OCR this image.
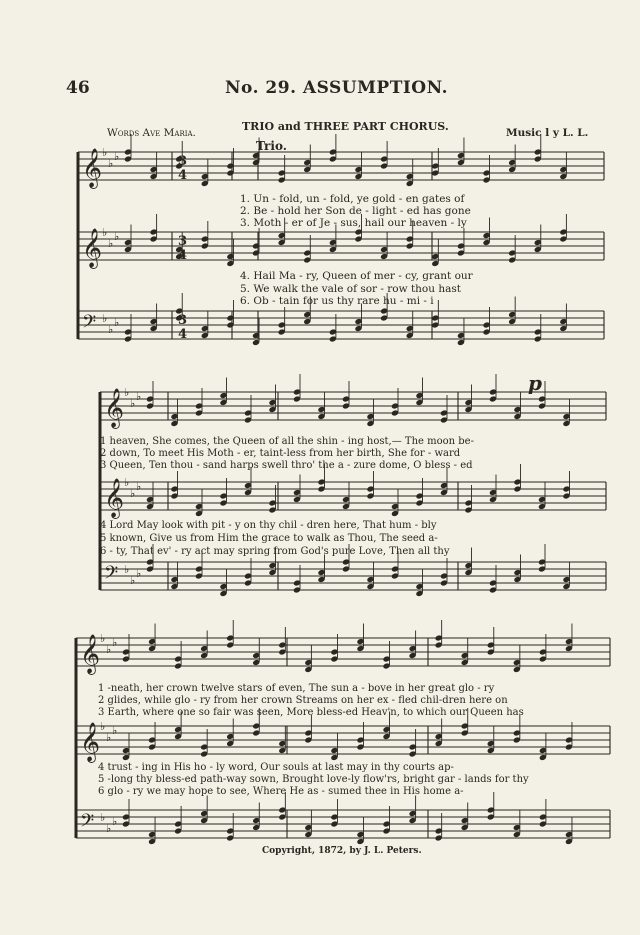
46	No. 29. ASSUMPTION.
TRIO and THREE PART CHORUS.
Words Ave Maria.	Music l y L. L.
Trio.
𝄞 ♭
♭
♭
𝄞 ♭
♭
♭
𝄢 ♭
♭
♭
𝄞 ♭
♭
♭
𝄞 ♭
♭
♭
𝄢 ♭
♭
♭
𝄞 ♭
♭
♭
𝄞 ♭
♭
♭
𝄢 ♭
♭
♭
3
4
3
4
3
4
p
1. Un - fold, un - fold, ye gold - en gates of
2. Be - hold her Son de - light - ed has gone
3. Moth - er of Je - sus, hail our heaven - ly
4. Hail Ma - ry, Queen of mer - cy, grant our
5. We walk the vale of sor - row thou hast
6. Ob - tain for us thy rare hu - mi - i
1 heaven, She comes, the Queen of all the shin - ing host,— The moon be-
2 down, To meet His Moth - er, taint-less from her birth, She for - ward
3 Queen, Ten thou - sand harps swell thro' the a - zure dome, O bless - ed
4 Lord May look with pit - y on thy chil - dren here, That hum - bly
5 known, Give us from Him the grace to walk as Thou, The seed a-
6 - ty, That ev' - ry act may spring from God's pure Love, Then all thy
1 -neath, her crown twelve stars of even, The sun a - bove in her great glo - ry
2 glides, while glo - ry from her crown Streams on her ex - fled chil-dren here on
3 Earth, where one so fair was seen, More bless-ed Heav'n, to which our Queen has
4 trust - ing in His ho - ly word, Our souls at last may in thy courts ap-
5 -long thy bless-ed path-way sown, Brought love-ly flow'rs, bright gar - lands for thy
6 glo - ry we may hope to see, Where He as - sumed thee in His home a-
Copyright, 1872, by J. L. Peters.
